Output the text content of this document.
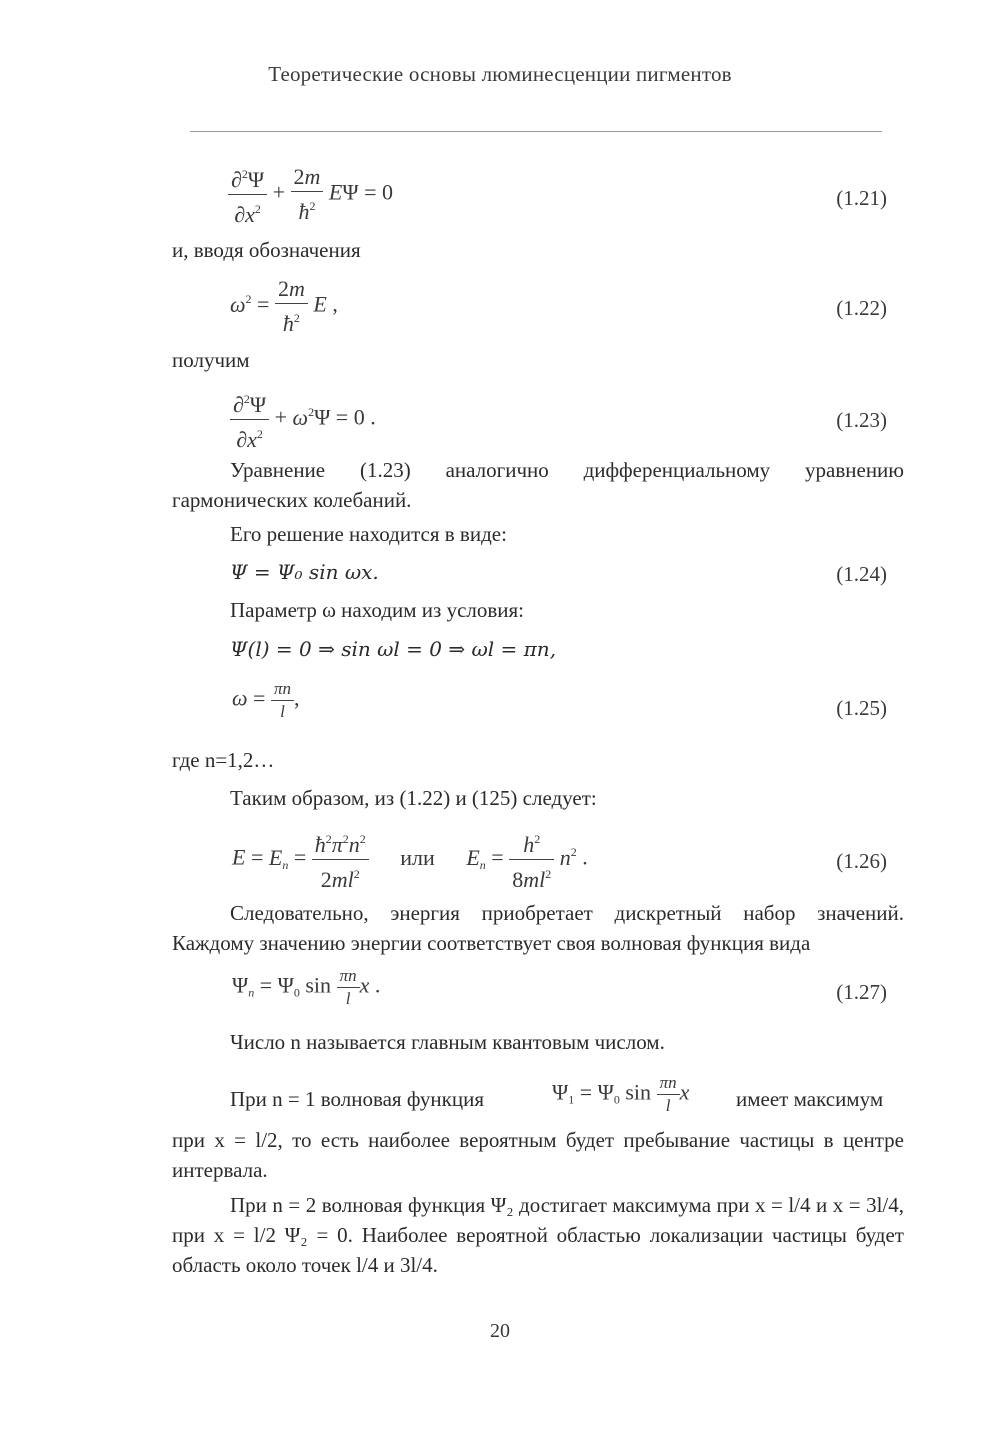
Теоретические основы люминесценции пигментов
$\frac{\partial^2\Psi}{\partial x^2} + \frac{2m}{ħ^2}$ EΨ = 0	(1.21)
и, вводя обозначения
$\omega^2 = \frac{2m}{ħ^2}$ E ,	(1.22)
получим
$\frac{\partial^2\Psi}{\partial x^2} + \omega^2\Psi = 0$ .	(1.23)
Уравнение (1.23) аналогично дифференциальному уравнению гармонических колебаний.
Его решение находится в виде:
Ψ = Ψ₀ sin ωx.	(1.24)
Параметр ω находим из условия:
Ψ(l) = 0 ⇒ sin ωl = 0 ⇒ ωl = πn,
$\omega = \frac{\pi n}{l}$ ,	(1.25)
где n=1,2…
Таким образом, из (1.22) и (125) следует:
$E = E_n = \frac{ħ^2\pi^2n^2}{2ml^2}$ или $E_n = \frac{h^2}{8ml^2} n^2$ .	(1.26)
Следовательно, энергия приобретает дискретный набор значений. Каждому значению энергии соответствует своя волновая функция вида
$\Psi_n = \Psi_0$ $\sin \frac{\pi n}{l}$ x .	(1.27)
Число n называется главным квантовым числом.
При n = 1 волновая функция	$\Psi_1 = \Psi_0$ $\sin \frac{\pi n}{l}$ x имеет максимум
при x = l/2, то есть наиболее вероятным будет пребывание частицы в центре интервала.
При n = 2 волновая функция Ψ₂ достигает максимума при x = l/4 и x = 3l/4, при x = l/2 Ψ₂ = 0. Наиболее вероятной областью локализации частицы будет область около точек l/4 и 3l/4.
20
